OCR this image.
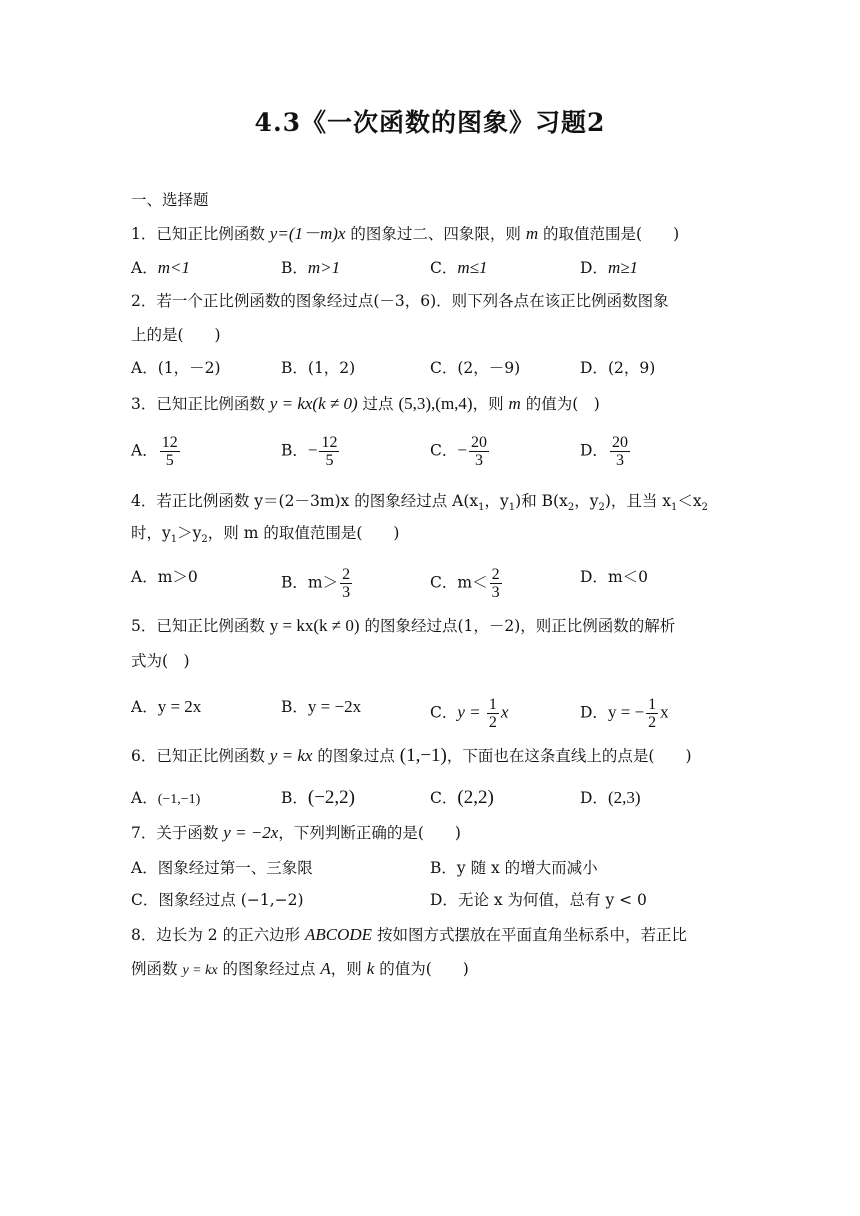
4.3《一次函数的图象》习题2
一、选择题
1．已知正比例函数 y=(1－m)x 的图象过二、四象限，则 m 的取值范围是(　　)
A．m<1	B．m>1	C．m≤1	D．m≥1
2．若一个正比例函数的图象经过点(－3，6)．则下列各点在该正比例函数图象
上的是(　　)
A．(1，－2)	B．(1，2)	C．(2，－9)	D．(2，9)
3．已知正比例函数 y = kx(k ≠ 0) 过点 (5,3),(m,4)，则 m 的值为(　)
A． $\frac{12}{5}$	B．− $\frac{12}{5}$	C．− $\frac{20}{3}$	D． $\frac{20}{3}$
4．若正比例函数 y＝(2－3m)x 的图象经过点 $A(x_1$，$y_1$)和 $B(x_2$，$y_2$)，且当 $x_1<x_2$
时，$y_1>y_2$，则 m 的取值范围是(　　)
A．m＞0	B．$m> \frac{2}{3}$	C．$m< \frac{2}{3}$	D．m＜0
5．已知正比例函数 y = kx(k ≠ 0) 的图象经过点(1，－2)，则正比例函数的解析
式为(　)
A．y = 2x	B．y = −2x	C．$y = \frac{1}{2}$ x	D．y = − $\frac{1}{2}$ x
6．已知正比例函数 y = kx 的图象过点 (1,−1)，下面也在这条直线上的点是(　　)
A．(−1,−1)	B．(−2,2)	C．(2,2)	D．(2,3)
7．关于函数 y = −2x，下列判断正确的是(　　)
A．图象经过第一、三象限	B．y 随 x 的增大而减小
C．图象经过点 (−1,−2)	D．无论 x 为何值，总有 y < 0
8．边长为 2 的正六边形 ABCODE 按如图方式摆放在平面直角坐标系中，若正比
例函数 y = kx 的图象经过点 A，则 k 的值为(　　)
